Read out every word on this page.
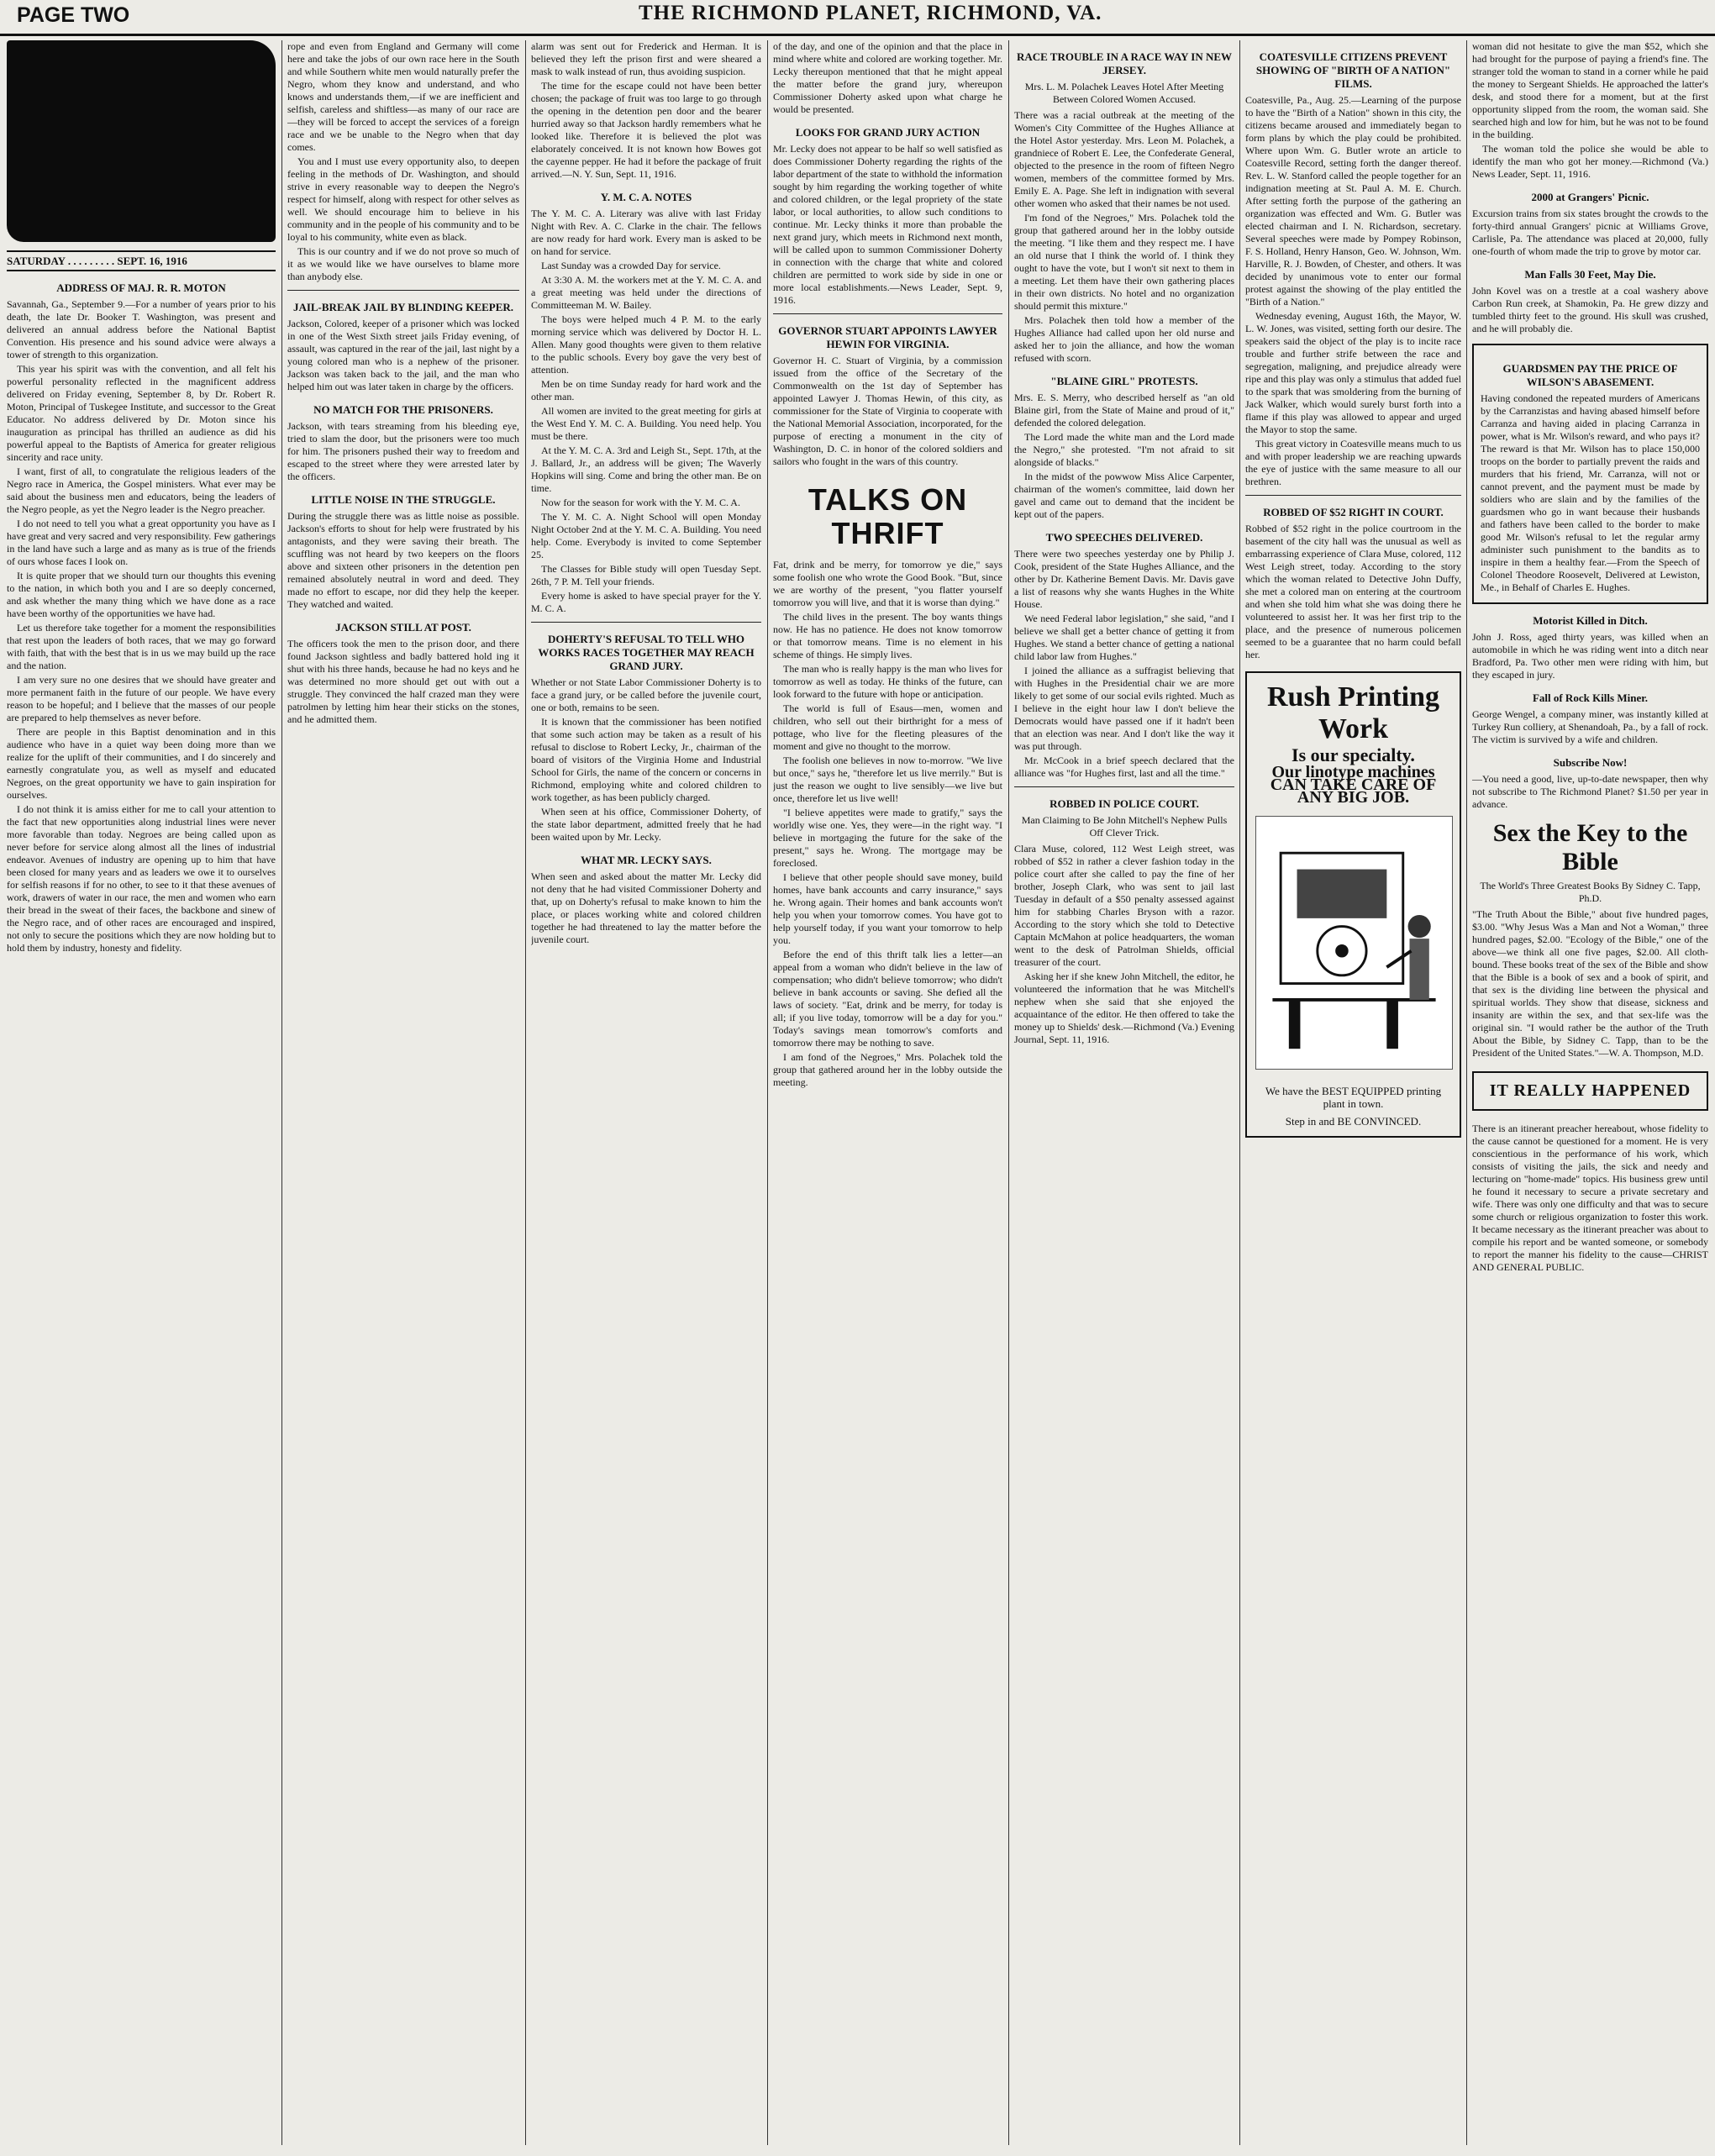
PAGE TWO	THE RICHMOND PLANET, RICHMOND, VA.
SATURDAY . . . . . . . . . SEPT. 16, 1916
ADDRESS OF MAJ. R. R. MOTON

Savannah, Ga., September 9.—For a number of years prior to his death, the late Dr. Booker T. Washington, was present and delivered an annual address before the National Baptist Convention. His presence and his sound advice were always a tower of strength to this organization.

This year his spirit was with the convention, and all felt his powerful personality reflected in the magnificent address delivered on Friday evening, September 8, by Dr. Robert R. Moton, Principal of Tuskegee Institute, and successor to the Great Educator. No address delivered by Dr. Moton since his inauguration as principal has thrilled an audience as did his powerful appeal to the Baptists of America for greater religious sincerity and race unity.

I want, first of all, to congratulate the religious leaders of the Negro race in America, the Gospel ministers. What ever may be said about the business men and educators, being the leaders of the Negro people, as yet the Negro leader is the Negro preacher.

I do not need to tell you what a great opportunity you have as I have great and very sacred and very responsibility. Few gatherings in the land have such a large and as many as is true of the friends of ours whose faces I look on.

It is quite proper that we should turn our thoughts this evening to the nation, in which both you and I are so deeply concerned, and ask whether the many thing which we have done as a race have been worthy of the opportunities we have had.

Let us therefore take together for a moment the responsibilities that rest upon the leaders of both races, that we may go forward with faith, that with the best that is in us we may build up the race and the nation.

I am very sure no one desires that we should have greater and more permanent faith in the future of our people. We have every reason to be hopeful; and I believe that the masses of our people are prepared to help themselves as never before.

There are people in this Baptist denomination and in this audience who have in a quiet way been doing more than we realize for the uplift of their communities, and I do sincerely and earnestly congratulate you, as well as myself and educated Negroes, on the great opportunity we have to gain inspiration for ourselves.

I do not think it is amiss either for me to call your attention to the fact that new opportunities along industrial lines were never more favorable than today. Negroes are being called upon as never before for service along almost all the lines of industrial endeavor. Avenues of industry are opening up to him that have been closed for many years and as leaders we owe it to ourselves for selfish reasons if for no other, to see to it that these avenues of work, drawers of water in our race, the men and women who earn their bread in the sweat of their faces, the backbone and sinew of the Negro race, and of other races are encouraged and inspired, not only to secure the positions which they are now holding but to hold them by industry, honesty and fidelity.

rope and even from England and Germany will come here and take the jobs of our own race here in the South and while Southern white men would naturally prefer the Negro, whom they know and understand, and who knows and understands them,—if we are inefficient and selfish, careless and shiftless—as many of our race are —they will be forced to accept the services of a foreign race and we be unable to the Negro when that day comes.

You and I must use every opportunity also, to deepen feeling in the methods of Dr. Washington, and should strive in every reasonable way to deepen the Negro's respect for himself, along with respect for other selves as well. We should encourage him to believe in his community and in the people of his community and to be loyal to his community, white even as black.

This is our country and if we do not prove so much of it as we would like we have ourselves to blame more than anybody else.

JAIL-BREAK JAIL BY BLINDING KEEPER.

Jackson, Colored, keeper of a prisoner which was locked in one of the West Sixth street jails Friday evening, of assault, was captured in the rear of the jail, last night by a young colored man who is a nephew of the prisoner. Jackson was taken back to the jail, and the man who helped him out was later taken in charge by the officers.

NO MATCH FOR THE PRISONERS.

Jackson, with tears streaming from his bleeding eye, tried to slam the door, but the prisoners were too much for him. The prisoners pushed their way to freedom and escaped to the street where they were arrested later by the officers.

LITTLE NOISE IN THE STRUGGLE.

During the struggle there was as little noise as possible. Jackson's efforts to shout for help were frustrated by his antagonists, and they were saving their breath. The scuffling was not heard by two keepers on the floors above and sixteen other prisoners in the detention pen remained absolutely neutral in word and deed. They made no effort to escape, nor did they help the keeper. They watched and waited.

JACKSON STILL AT POST.

The officers took the men to the prison door, and there found Jackson sightless and badly battered hold ing it shut with his three hands, because he had no keys and he was determined no more should get out with out a struggle. They convinced the half crazed man they were patrolmen by letting him hear their sticks on the stones, and he admitted them.

alarm was sent out for Frederick and Herman. It is believed they left the prison first and were sheared a mask to walk instead of run, thus avoiding suspicion.

The time for the escape could not have been better chosen; the package of fruit was too large to go through the opening in the detention pen door and the bearer hurried away so that Jackson hardly remembers what he looked like. Therefore it is believed the plot was elaborately conceived. It is not known how Bowes got the cayenne pepper. He had it before the package of fruit arrived.—N. Y. Sun, Sept. 11, 1916.

Y. M. C. A. NOTES

The Y. M. C. A. Literary was alive with last Friday Night with Rev. A. C. Clarke in the chair. The fellows are now ready for hard work. Every man is asked to be on hand for service.

Last Sunday was a crowded Day for service.

At 3:30 A. M. the workers met at the Y. M. C. A. and a great meeting was held under the directions of Committeeman M. W. Bailey.

The boys were helped much 4 P. M. to the early morning service which was delivered by Doctor H. L. Allen. Many good thoughts were given to them relative to the public schools. Every boy gave the very best of attention.

Men be on time Sunday ready for hard work and the other man.

All women are invited to the great meeting for girls at the West End Y. M. C. A. Building. You need help. You must be there.

At the Y. M. C. A. 3rd and Leigh St., Sept. 17th, at the J. Ballard, Jr., an address will be given; The Waverly Hopkins will sing. Come and bring the other man. Be on time.

Now for the season for work with the Y. M. C. A.

The Y. M. C. A. Night School will open Monday Night October 2nd at the Y. M. C. A. Building. You need help. Come. Everybody is invited to come September 25.

The Classes for Bible study will open Tuesday Sept. 26th, 7 P. M. Tell your friends.

Every home is asked to have special prayer for the Y. M. C. A.

DOHERTY'S REFUSAL TO TELL WHO WORKS RACES TOGETHER MAY REACH GRAND JURY.

Whether or not State Labor Commissioner Doherty is to face a grand jury, or be called before the juvenile court, one or both, remains to be seen.

It is known that the commissioner has been notified that some such action may be taken as a result of his refusal to disclose to Robert Lecky, Jr., chairman of the board of visitors of the Virginia Home and Industrial School for Girls, the name of the concern or concerns in Richmond, employing white and colored children to work together, as has been publicly charged.

When seen at his office, Commissioner Doherty, of the state labor department, admitted freely that he had been waited upon by Mr. Lecky.

WHAT MR. LECKY SAYS.

When seen and asked about the matter Mr. Lecky did not deny that he had visited Commissioner Doherty and that, up on Doherty's refusal to make known to him the place, or places working white and colored children together he had threatened to lay the matter before the juvenile court.

of the day, and one of the opinion and that the place in mind where white and colored are working together. Mr. Lecky thereupon mentioned that that he might appeal the matter before the grand jury, whereupon Commissioner Doherty asked upon what charge he would be presented.

LOOKS FOR GRAND JURY ACTION

Mr. Lecky does not appear to be half so well satisfied as does Commissioner Doherty regarding the rights of the labor department of the state to withhold the information sought by him regarding the working together of white and colored children, or the legal propriety of the state labor, or local authorities, to allow such conditions to continue. Mr. Lecky thinks it more than probable the next grand jury, which meets in Richmond next month, will be called upon to summon Commissioner Doherty in connection with the charge that white and colored children are permitted to work side by side in one or more local establishments.—News Leader, Sept. 9, 1916.

GOVERNOR STUART APPOINTS LAWYER HEWIN FOR VIRGINIA.

Governor H. C. Stuart of Virginia, by a commission issued from the office of the Secretary of the Commonwealth on the 1st day of September has appointed Lawyer J. Thomas Hewin, of this city, as commissioner for the State of Virginia to cooperate with the National Memorial Association, incorporated, for the purpose of erecting a monument in the city of Washington, D. C. in honor of the colored soldiers and sailors who fought in the wars of this country.

TALKS ON THRIFT

Fat, drink and be merry, for tomorrow ye die," says some foolish one who wrote the Good Book. "But, since we are worthy of the present, "you flatter yourself tomorrow you will live, and that it is worse than dying."

The child lives in the present. The boy wants things now. He has no patience. He does not know tomorrow or that tomorrow means. Time is no element in his scheme of things. He simply lives.

The man who is really happy is the man who lives for tomorrow as well as today. He thinks of the future, can look forward to the future with hope or anticipation.

The world is full of Esaus—men, women and children, who sell out their birthright for a mess of pottage, who live for the fleeting pleasures of the moment and give no thought to the morrow.

The foolish one believes in now to-morrow. "We live but once," says he, "therefore let us live merrily." But is just the reason we ought to live sensibly—we live but once, therefore let us live well!

"I believe appetites were made to gratify," says the worldly wise one. Yes, they were—in the right way. "I believe in mortgaging the future for the sake of the present," says he. Wrong. The mortgage may be foreclosed.

I believe that other people should save money, build homes, have bank accounts and carry insurance," says he. Wrong again. Their homes and bank accounts won't help you when your tomorrow comes. You have got to help yourself today, if you want your tomorrow to help you.

Before the end of this thrift talk lies a letter—an appeal from a woman who didn't believe in the law of compensation; who didn't believe tomorrow; who didn't believe in bank accounts or saving. She defied all the laws of society. "Eat, drink and be merry, for today is all; if you live today, tomorrow will be a day for you." Today's savings mean tomorrow's comforts and tomorrow there may be nothing to save.

I am fond of the Negroes," Mrs. Polachek told the group that gathered around her in the lobby outside the meeting.

RACE TROUBLE IN A RACE WAY IN NEW JERSEY.
Mrs. L. M. Polachek Leaves Hotel After Meeting Between Colored Women Accused.

There was a racial outbreak at the meeting of the Women's City Committee of the Hughes Alliance at the Hotel Astor yesterday. Mrs. Leon M. Polachek, a grandniece of Robert E. Lee, the Confederate General, objected to the presence in the room of fifteen Negro women, members of the committee formed by Mrs. Emily E. A. Page. She left in indignation with several other women who asked that their names be not used.

I'm fond of the Negroes," Mrs. Polachek told the group that gathered around her in the lobby outside the meeting. "I like them and they respect me. I have an old nurse that I think the world of. I think they ought to have the vote, but I won't sit next to them in a meeting. Let them have their own gathering places in their own districts. No hotel and no organization should permit this mixture."

Mrs. Polachek then told how a member of the Hughes Alliance had called upon her old nurse and asked her to join the alliance, and how the woman refused with scorn.

"BLAINE GIRL" PROTESTS.

Mrs. E. S. Merry, who described herself as "an old Blaine girl, from the State of Maine and proud of it," defended the colored delegation.

The Lord made the white man and the Lord made the Negro," she protested. "I'm not afraid to sit alongside of blacks."

In the midst of the powwow Miss Alice Carpenter, chairman of the women's committee, laid down her gavel and came out to demand that the incident be kept out of the papers.

TWO SPEECHES DELIVERED.

There were two speeches yesterday one by Philip J. Cook, president of the State Hughes Alliance, and the other by Dr. Katherine Bement Davis. Mr. Davis gave a list of reasons why she wants Hughes in the White House.

We need Federal labor legislation," she said, "and I believe we shall get a better chance of getting it from Hughes. We stand a better chance of getting a national child labor law from Hughes."

I joined the alliance as a suffragist believing that with Hughes in the Presidential chair we are more likely to get some of our social evils righted. Much as I believe in the eight hour law I don't believe the Democrats would have passed one if it hadn't been that an election was near. And I don't like the way it was put through.

Mr. McCook in a brief speech declared that the alliance was "for Hughes first, last and all the time."

ROBBED IN POLICE COURT.
Man Claiming to Be John Mitchell's Nephew Pulls Off Clever Trick.

Clara Muse, colored, 112 West Leigh street, was robbed of $52 in rather a clever fashion today in the police court after she called to pay the fine of her brother, Joseph Clark, who was sent to jail last Tuesday in default of a $50 penalty assessed against him for stabbing Charles Bryson with a razor. According to the story which she told to Detective Captain McMahon at police headquarters, the woman went to the desk of Patrolman Shields, official treasurer of the court.

Asking her if she knew John Mitchell, the editor, he volunteered the information that he was Mitchell's nephew when she said that she enjoyed the acquaintance of the editor. He then offered to take the money up to Shields' desk.—Richmond (Va.) Evening Journal, Sept. 11, 1916.

COATESVILLE CITIZENS PREVENT SHOWING OF "BIRTH OF A NATION" FILMS.

Coatesville, Pa., Aug. 25.—Learning of the purpose to have the "Birth of a Nation" shown in this city, the citizens became aroused and immediately began to form plans by which the play could be prohibited. Where upon Wm. G. Butler wrote an article to Coatesville Record, setting forth the danger thereof. Rev. L. W. Stanford called the people together for an indignation meeting at St. Paul A. M. E. Church. After setting forth the purpose of the gathering an organization was effected and Wm. G. Butler was elected chairman and I. N. Richardson, secretary. Several speeches were made by Pompey Robinson, F. S. Holland, Henry Hanson, Geo. W. Johnson, Wm. Harville, R. J. Bowden, of Chester, and others. It was decided by unanimous vote to enter our formal protest against the showing of the play entitled the "Birth of a Nation."

Wednesday evening, August 16th, the Mayor, W. L. W. Jones, was visited, setting forth our desire. The speakers said the object of the play is to incite race trouble and further strife between the race and segregation, maligning, and prejudice already were ripe and this play was only a stimulus that added fuel to the spark that was smoldering from the burning of Jack Walker, which would surely burst forth into a flame if this play was allowed to appear and urged the Mayor to stop the same.

This great victory in Coatesville means much to us and with proper leadership we are reaching upwards the eye of justice with the same measure to all our brethren.

ROBBED OF $52 RIGHT IN COURT.

Robbed of $52 right in the police courtroom in the basement of the city hall was the unusual as well as embarrassing experience of Clara Muse, colored, 112 West Leigh street, today. According to the story which the woman related to Detective John Duffy, she met a colored man on entering at the courtroom and when she told him what she was doing there he volunteered to assist her. It was her first trip to the place, and the presence of numerous policemen seemed to be a guarantee that no harm could befall her.

Rush Printing Work
Is our specialty.
Our linotype machines CAN TAKE CARE OF ANY BIG JOB.
We have the BEST EQUIPPED printing plant in town.
Step in and BE CONVINCED.

woman did not hesitate to give the man $52, which she had brought for the purpose of paying a friend's fine. The stranger told the woman to stand in a corner while he paid the money to Sergeant Shields. He approached the latter's desk, and stood there for a moment, but at the first opportunity slipped from the room, the woman said. She searched high and low for him, but he was not to be found in the building.

The woman told the police she would be able to identify the man who got her money.—Richmond (Va.) News Leader, Sept. 11, 1916.

2000 at Grangers' Picnic.

Excursion trains from six states brought the crowds to the forty-third annual Grangers' picnic at Williams Grove, Carlisle, Pa. The attendance was placed at 20,000, fully one-fourth of whom made the trip to grove by motor car.

Man Falls 30 Feet, May Die.

John Kovel was on a trestle at a coal washery above Carbon Run creek, at Shamokin, Pa. He grew dizzy and tumbled thirty feet to the ground. His skull was crushed, and he will probably die.

GUARDSMEN PAY THE PRICE OF WILSON'S ABASEMENT.

Having condoned the repeated murders of Americans by the Carranzistas and having abased himself before Carranza and having aided in placing Carranza in power, what is Mr. Wilson's reward, and who pays it? The reward is that Mr. Wilson has to place 150,000 troops on the border to partially prevent the raids and murders that his friend, Mr. Carranza, will not or cannot prevent, and the payment must be made by soldiers who are slain and by the families of the guardsmen who go in want because their husbands and fathers have been called to the border to make good Mr. Wilson's refusal to let the regular army administer such punishment to the bandits as to inspire in them a healthy fear.—From the Speech of Colonel Theodore Roosevelt, Delivered at Lewiston, Me., in Behalf of Charles E. Hughes.

Motorist Killed in Ditch.

John J. Ross, aged thirty years, was killed when an automobile in which he was riding went into a ditch near Bradford, Pa. Two other men were riding with him, but they escaped in jury.

Fall of Rock Kills Miner.

George Wengel, a company miner, was instantly killed at Turkey Run colliery, at Shenandoah, Pa., by a fall of rock. The victim is survived by a wife and children.

Subscribe Now!

—You need a good, live, up-to-date newspaper, then why not subscribe to The Richmond Planet? $1.50 per year in advance.

Sex the Key to the Bible
The World's Three Greatest Books By Sidney C. Tapp, Ph.D.

"The Truth About the Bible," about five hundred pages, $3.00. "Why Jesus Was a Man and Not a Woman," three hundred pages, $2.00. "Ecology of the Bible," one of the above—we think all one five pages, $2.00. All cloth-bound. These books treat of the sex of the Bible and show that the Bible is a book of sex and a book of spirit, and that sex is the dividing line between the physical and spiritual worlds. They show that disease, sickness and insanity are within the sex, and that sex-life was the original sin. "I would rather be the author of the Truth About the Bible, by Sidney C. Tapp, than to be the President of the United States."—W. A. Thompson, M.D.

IT REALLY HAPPENED

There is an itinerant preacher hereabout, whose fidelity to the cause cannot be questioned for a moment. He is very conscientious in the performance of his work, which consists of visiting the jails, the sick and needy and lecturing on "home-made" topics. His business grew until he found it necessary to secure a private secretary and wife. There was only one difficulty and that was to secure some church or religious organization to foster this work. It became necessary as the itinerant preacher was about to compile his report and be wanted someone, or somebody to report the manner his fidelity to the cause—CHRIST AND GENERAL PUBLIC.
